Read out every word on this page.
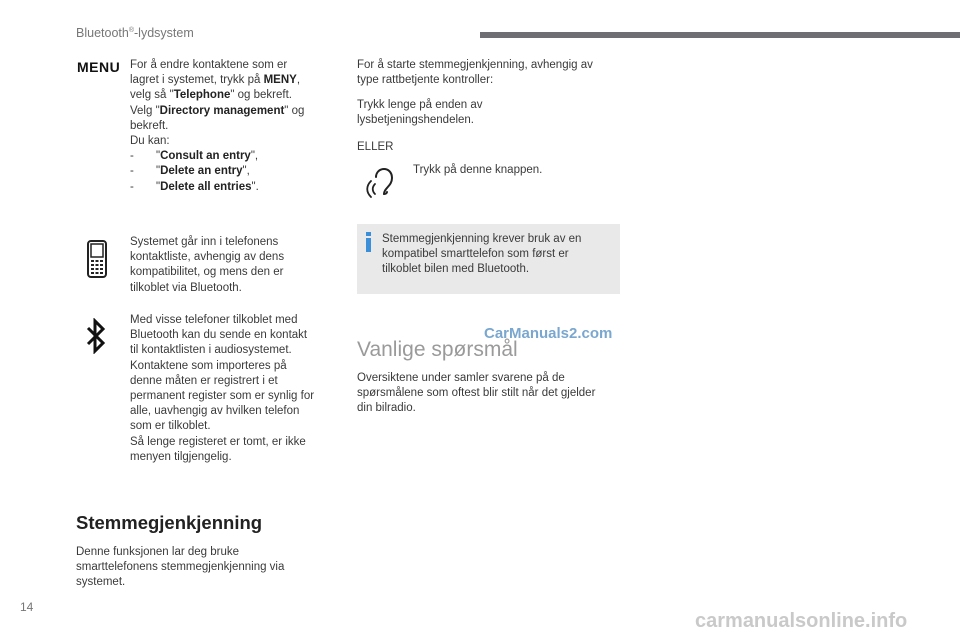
Bluetooth®-lydsystem
MENU For å endre kontaktene som er
lagret i systemet, trykk på MENY,
velg så "Telephone" og bekreft.
Velg "Directory management" og
bekreft.
Du kan:
- "Consult an entry",
- "Delete an entry",
- "Delete all entries".
Systemet går inn i telefonens
kontaktliste, avhengig av dens
kompatibilitet, og mens den er
tilkoblet via Bluetooth.
Med visse telefoner tilkoblet med
Bluetooth kan du sende en kontakt
til kontaktlisten i audiosystemet.
Kontaktene som importeres på
denne måten er registrert i et
permanent register som er synlig for
alle, uavhengig av hvilken telefon
som er tilkoblet.
Så lenge registeret er tomt, er ikke
menyen tilgjengelig.
Stemmegjenkjenning
Denne funksjonen lar deg bruke
smarttelefonens stemmegjenkjenning via
systemet.
For å starte stemmegjenkjenning, avhengig av
type rattbetjente kontroller:
Trykk lenge på enden av
lysbetjeningshendelen.
ELLER
Trykk på denne knappen.
Stemmegjenkjenning krever bruk av en
kompatibel smarttelefon som først er
tilkoblet bilen med Bluetooth.
CarManuals2.com
Vanlige spørsmål
Oversiktene under samler svarene på de
spørsmålene som oftest blir stilt når det gjelder
din bilradio.
14
carmanualsonline.info
